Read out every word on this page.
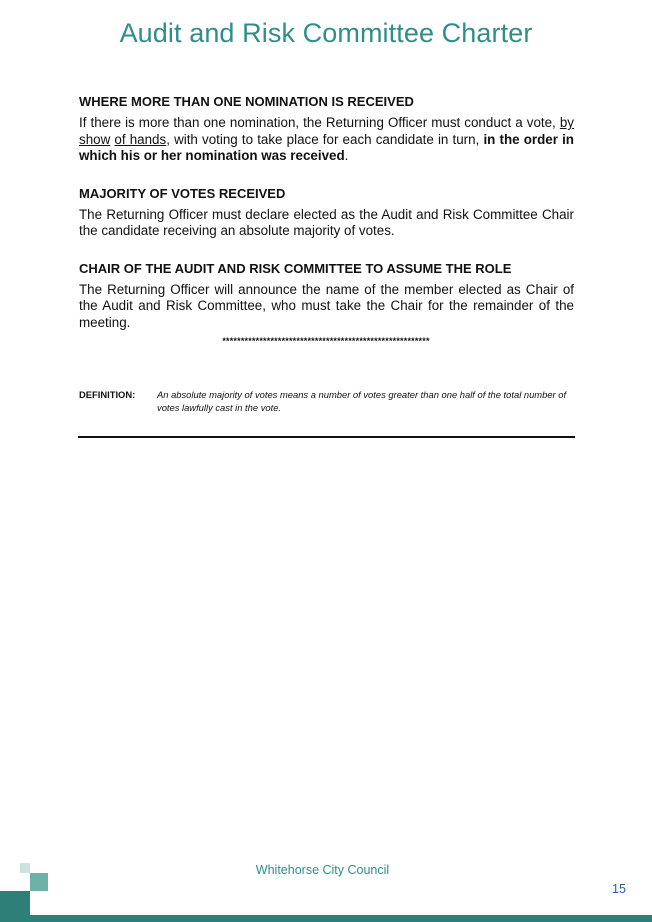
Audit and Risk Committee Charter

WHERE MORE THAN ONE NOMINATION IS RECEIVED

If there is more than one nomination, the Returning Officer must conduct a vote, by show of hands, with voting to take place for each candidate in turn, in the order in which his or her nomination was received.

MAJORITY OF VOTES RECEIVED

The Returning Officer must declare elected as the Audit and Risk Committee Chair the candidate receiving an absolute majority of votes.

CHAIR OF THE AUDIT AND RISK COMMITTEE TO ASSUME THE ROLE

The Returning Officer will announce the name of the member elected as Chair of the Audit and Risk Committee, who must take the Chair for the remainder of the meeting.

********************************************************
DEFINITION:	An absolute majority of votes means a number of votes greater than one half of the total number of votes lawfully cast in the vote.
Whitehorse City Council
15
